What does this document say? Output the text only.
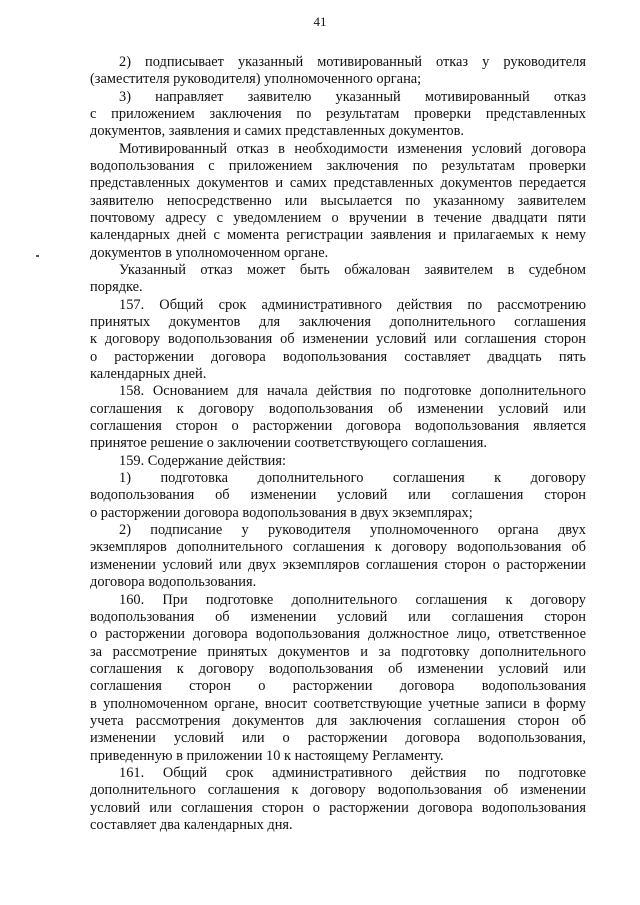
41
2) подписывает указанный мотивированный отказ у руководителя
(заместителя руководителя) уполномоченного органа;
3) направляет заявителю указанный мотивированный отказ
с приложением заключения по результатам проверки представленных
документов, заявления и самих представленных документов.
Мотивированный отказ в необходимости изменения условий договора
водопользования с приложением заключения по результатам проверки
представленных документов и самих представленных документов передается
заявителю непосредственно или высылается по указанному заявителем
почтовому адресу с уведомлением о вручении в течение двадцати пяти
календарных дней с момента регистрации заявления и прилагаемых к нему
документов в уполномоченном органе.
Указанный отказ может быть обжалован заявителем в судебном
порядке.
157. Общий срок административного действия по рассмотрению
принятых документов для заключения дополнительного соглашения
к договору водопользования об изменении условий или соглашения сторон
о расторжении договора водопользования составляет двадцать пять
календарных дней.
158. Основанием для начала действия по подготовке дополнительного
соглашения к договору водопользования об изменении условий или
соглашения сторон о расторжении договора водопользования является
принятое решение о заключении соответствующего соглашения.
159. Содержание действия:
1) подготовка дополнительного соглашения к договору
водопользования об изменении условий или соглашения сторон
о расторжении договора водопользования в двух экземплярах;
2) подписание у руководителя уполномоченного органа двух
экземпляров дополнительного соглашения к договору водопользования об
изменении условий или двух экземпляров соглашения сторон о расторжении
договора водопользования.
160. При подготовке дополнительного соглашения к договору
водопользования об изменении условий или соглашения сторон
о расторжении договора водопользования должностное лицо, ответственное
за рассмотрение принятых документов и за подготовку дополнительного
соглашения к договору водопользования об изменении условий или
соглашения сторон о расторжении договора водопользования
в уполномоченном органе, вносит соответствующие учетные записи в форму
учета рассмотрения документов для заключения соглашения сторон об
изменении условий или о расторжении договора водопользования,
приведенную в приложении 10 к настоящему Регламенту.
161. Общий срок административного действия по подготовке
дополнительного соглашения к договору водопользования об изменении
условий или соглашения сторон о расторжении договора водопользования
составляет два календарных дня.
